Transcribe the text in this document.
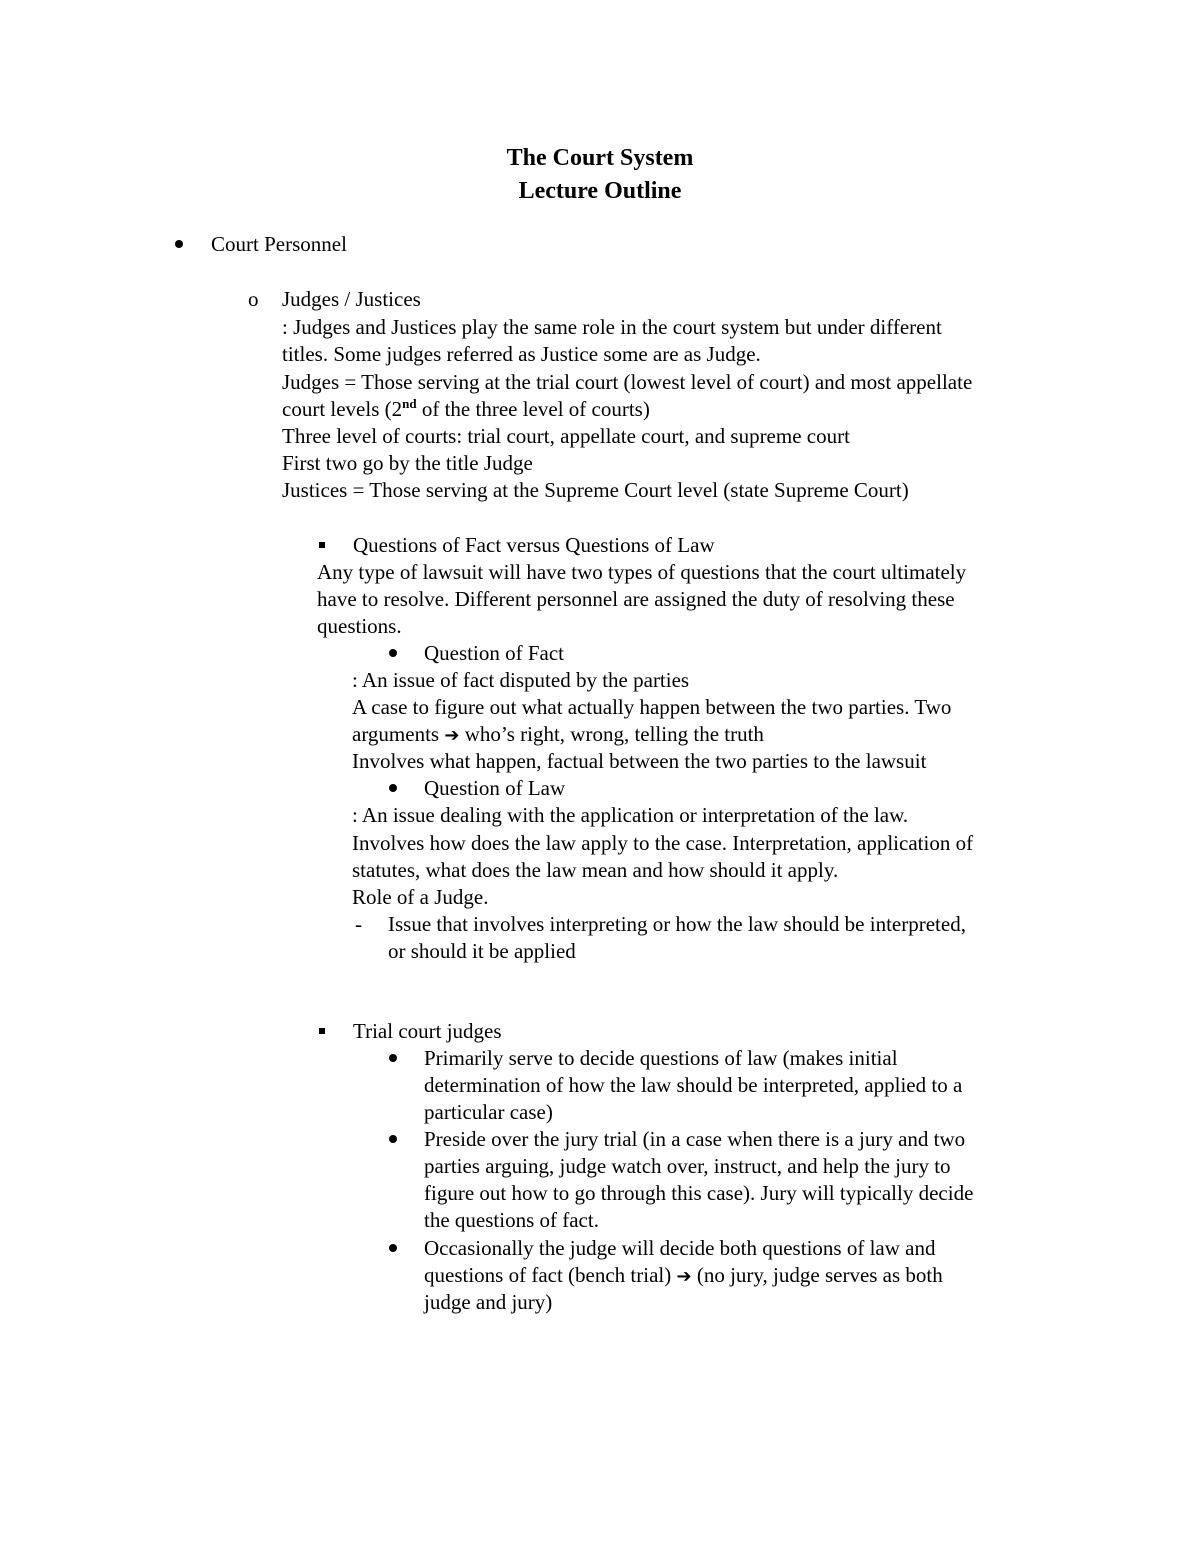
The Court System
Lecture Outline
Court Personnel
o Judges / Justices
: Judges and Justices play the same role in the court system but under different
titles. Some judges referred as Justice some are as Judge.
Judges = Those serving at the trial court (lowest level of court) and most appellate
court levels (2nd of the three level of courts)
Three level of courts: trial court, appellate court, and supreme court
First two go by the title Judge
Justices = Those serving at the Supreme Court level (state Supreme Court)
Questions of Fact versus Questions of Law
Any type of lawsuit will have two types of questions that the court ultimately
have to resolve. Different personnel are assigned the duty of resolving these
questions.
Question of Fact
: An issue of fact disputed by the parties
A case to figure out what actually happen between the two parties. Two
arguments ➔ who’s right, wrong, telling the truth
Involves what happen, factual between the two parties to the lawsuit
Question of Law
: An issue dealing with the application or interpretation of the law.
Involves how does the law apply to the case. Interpretation, application of
statutes, what does the law mean and how should it apply.
Role of a Judge.
- Issue that involves interpreting or how the law should be interpreted,
or should it be applied
Trial court judges
Primarily serve to decide questions of law (makes initial
determination of how the law should be interpreted, applied to a
particular case)
Preside over the jury trial (in a case when there is a jury and two
parties arguing, judge watch over, instruct, and help the jury to
figure out how to go through this case). Jury will typically decide
the questions of fact.
Occasionally the judge will decide both questions of law and
questions of fact (bench trial) ➔ (no jury, judge serves as both
judge and jury)
